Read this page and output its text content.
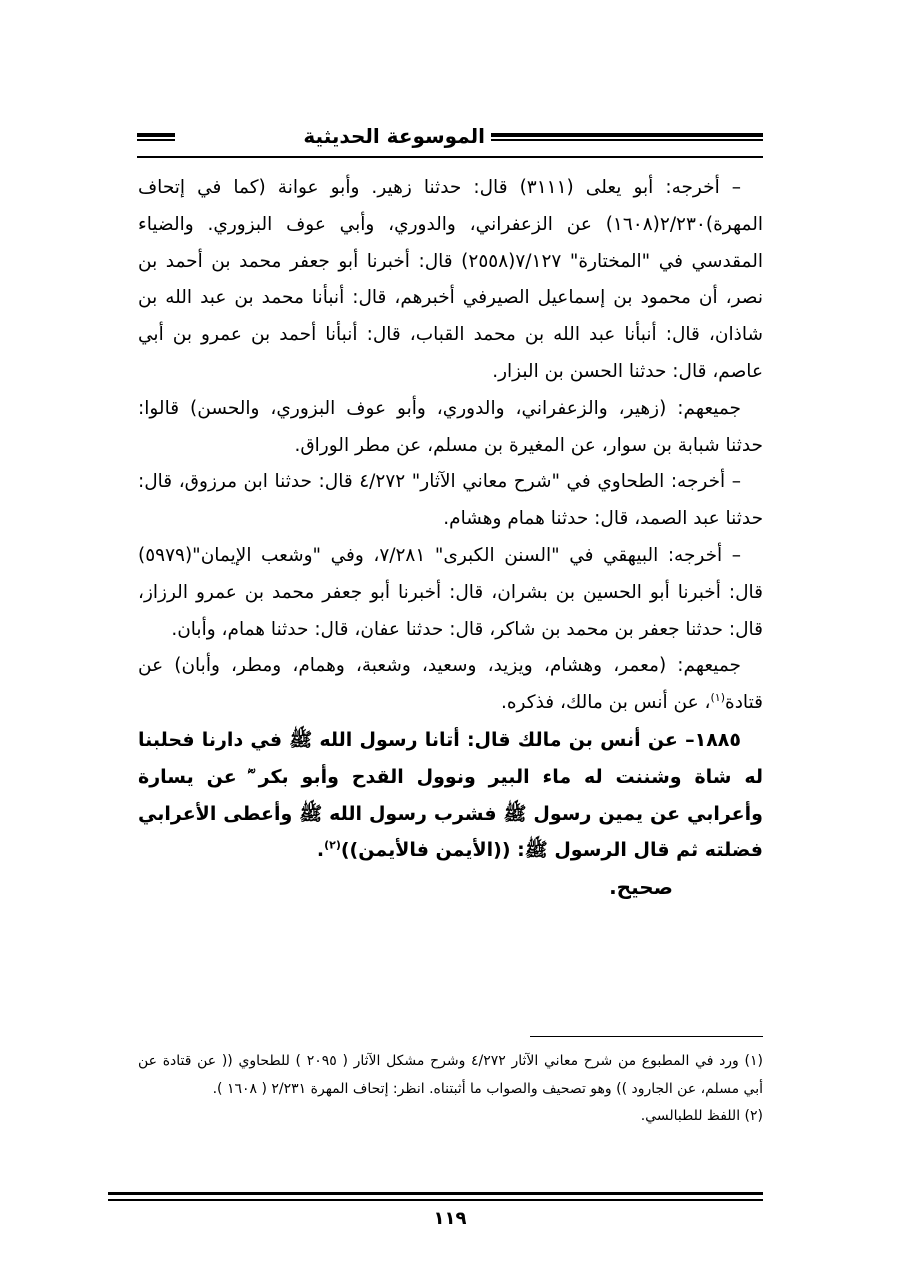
الموسوعة الحديثية

– أخرجه: أبو يعلى (٣١١١) قال: حدثنا زهير. وأبو عوانة (كما في إتحاف المهرة)٢/٢٣٠(١٦٠٨) عن الزعفراني، والدوري، وأبي عوف البزوري. والضياء المقدسي في "المختارة" ٧/١٢٧(٢٥٥٨) قال: أخبرنا أبو جعفر محمد بن أحمد بن نصر، أن محمود بن إسماعيل الصيرفي أخبرهم، قال: أنبأنا محمد بن عبد الله بن شاذان، قال: أنبأنا عبد الله بن محمد القباب، قال: أنبأنا أحمد بن عمرو بن أبي عاصم، قال: حدثنا الحسن بن البزار.

جميعهم: (زهير، والزعفراني، والدوري، وأبو عوف البزوري، والحسن) قالوا: حدثنا شبابة بن سوار، عن المغيرة بن مسلم، عن مطر الوراق.

– أخرجه: الطحاوي في "شرح معاني الآثار" ٤/٢٧٢ قال: حدثنا ابن مرزوق، قال: حدثنا عبد الصمد، قال: حدثنا همام وهشام.

– أخرجه: البيهقي في "السنن الكبرى" ٧/٢٨١، وفي "وشعب الإيمان"(٥٩٧٩) قال: أخبرنا أبو الحسين بن بشران، قال: أخبرنا أبو جعفر محمد بن عمرو الرزاز، قال: حدثنا جعفر بن محمد بن شاكر، قال: حدثنا عفان، قال: حدثنا همام، وأبان.

جميعهم: (معمر، وهشام، ويزيد، وسعيد، وشعبة، وهمام، ومطر، وأبان) عن قتادة$^{(١)}$، عن أنس بن مالك، فذكره.

١٨٨٥– عن أنس بن مالك قال: أتانا رسول الله ﷺ في دارنا فحلبنا له شاة وشننت له ماء البير ونوول القدح وأبو بكر ؓ عن يسارة وأعرابي عن يمين رسول ﷺ فشرب رسول الله ﷺ وأعطى الأعرابي فضلته ثم قال الرسول ﷺ: ((الأيمن فالأيمن))$^{(٢)}$.

صحيح.

(١) ورد في المطبوع من شرح معاني الآثار ٤/٢٧٢ وشرح مشكل الآثار ( ٢٠٩٥ ) للطحاوي (( عن قتادة عن أبي مسلم، عن الجارود )) وهو تصحيف والصواب ما أثبتناه. انظر: إتحاف المهرة ٢/٢٣١ ( ١٦٠٨ ).

(٢) اللفظ للطبالسي.

١١٩
